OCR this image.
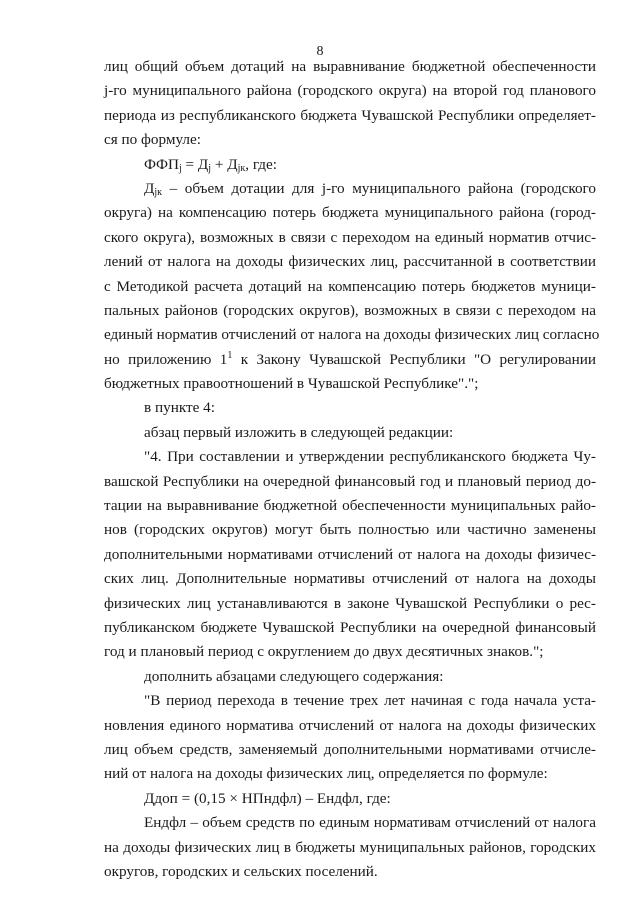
8
лиц общий объем дотаций на выравнивание бюджетной обеспеченности
j-го муниципального района (городского округа) на второй год планового
периода из республиканского бюджета Чувашской Республики определяет-
ся по формуле:
$ФФП_j = Д_j + Д_{jк}$, где:
$Д_{jк}$ – объем дотации для j-го муниципального района (городского
округа) на компенсацию потерь бюджета муниципального района (город-
ского округа), возможных в связи с переходом на единый норматив отчис-
лений от налога на доходы физических лиц, рассчитанной в соответствии
с Методикой расчета дотаций на компенсацию потерь бюджетов муници-
пальных районов (городских округов), возможных в связи с переходом на
единый норматив отчислений от налога на доходы физических лиц согласно
но приложению $1^1$ к Закону Чувашской Республики "О регулировании
бюджетных правоотношений в Чувашской Республике".";
в пункте 4:
абзац первый изложить в следующей редакции:
"4. При составлении и утверждении республиканского бюджета Чу-
вашской Республики на очередной финансовый год и плановый период до-
тации на выравнивание бюджетной обеспеченности муниципальных райо-
нов (городских округов) могут быть полностью или частично заменены
дополнительными нормативами отчислений от налога на доходы физичес-
ских лиц. Дополнительные нормативы отчислений от налога на доходы
физических лиц устанавливаются в законе Чувашской Республики о рес-
публиканском бюджете Чувашской Республики на очередной финансовый
год и плановый период с округлением до двух десятичных знаков.";
дополнить абзацами следующего содержания:
"В период перехода в течение трех лет начиная с года начала уста-
новления единого норматива отчислений от налога на доходы физических
лиц объем средств, заменяемый дополнительными нормативами отчисле-
ний от налога на доходы физических лиц, определяется по формуле:
Ддоп = (0,15 × НПндфл) – Ендфл, где:
Ендфл – объем средств по единым нормативам отчислений от налога
на доходы физических лиц в бюджеты муниципальных районов, городских
округов, городских и сельских поселений.
